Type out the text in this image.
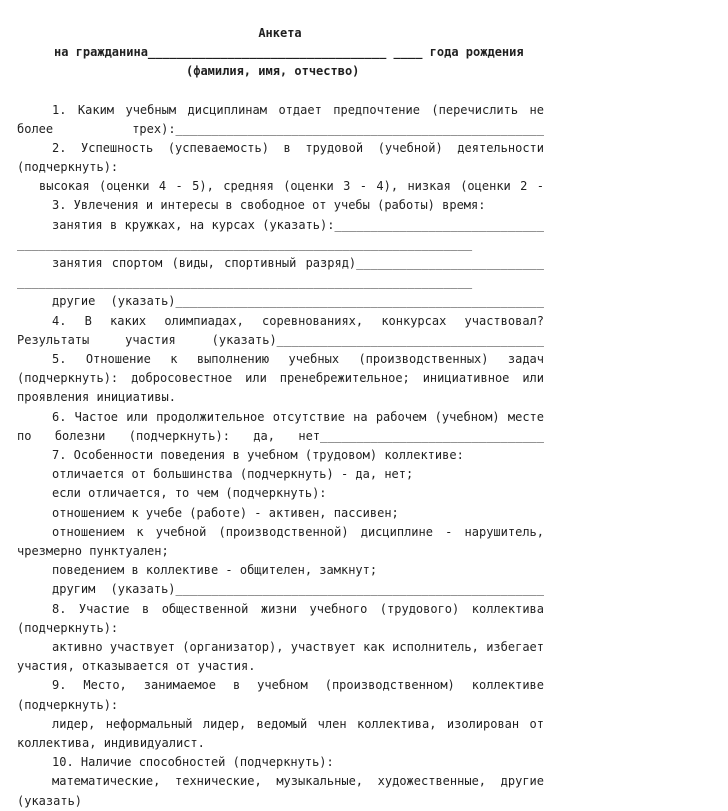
Анкета
на гражданина_________________________________ ____ года рождения
(фамилия, имя, отчество)
1. Каким учебным дисциплинам отдает предпочтение (перечислить не
более трех):___________________________________________________
2. Успешность (успеваемость) в трудовой (учебной) деятельности
(подчеркнуть):
высокая (оценки 4 - 5), средняя (оценки 3 - 4), низкая (оценки 2 -
3. Увлечения и интересы в свободное от учебы (работы) время:
занятия в кружках, на курсах (указать):_____________________________
_______________________________________________________________
занятия спортом (виды, спортивный разряд)__________________________
_______________________________________________________________
другие (указать)___________________________________________________
4. В каких олимпиадах, соревнованиях, конкурсах участвовал?
Результаты участия (указать)_____________________________________
5. Отношение к выполнению учебных (производственных) задач
(подчеркнуть): добросовестное или пренебрежительное; инициативное или
проявления инициативы.
6. Частое или продолжительное отсутствие на рабочем (учебном) месте
по болезни (подчеркнуть): да, нет_______________________________
7. Особенности поведения в учебном (трудовом) коллективе:
отличается от большинства (подчеркнуть) - да, нет;
если отличается, то чем (подчеркнуть):
отношением к учебе (работе) - активен, пассивен;
отношением к учебной (производственной) дисциплине - нарушитель,
чрезмерно пунктуален;
поведением в коллективе - общителен, замкнут;
другим (указать)___________________________________________________
8. Участие в общественной жизни учебного (трудового) коллектива
(подчеркнуть):
активно участвует (организатор), участвует как исполнитель, избегает
участия, отказывается от участия.
9. Место, занимаемое в учебном (производственном) коллективе
(подчеркнуть):
лидер, неформальный лидер, ведомый член коллектива, изолирован от
коллектива, индивидуалист.
10. Наличие способностей (подчеркнуть):
математические, технические, музыкальные, художественные, другие
(указать)
